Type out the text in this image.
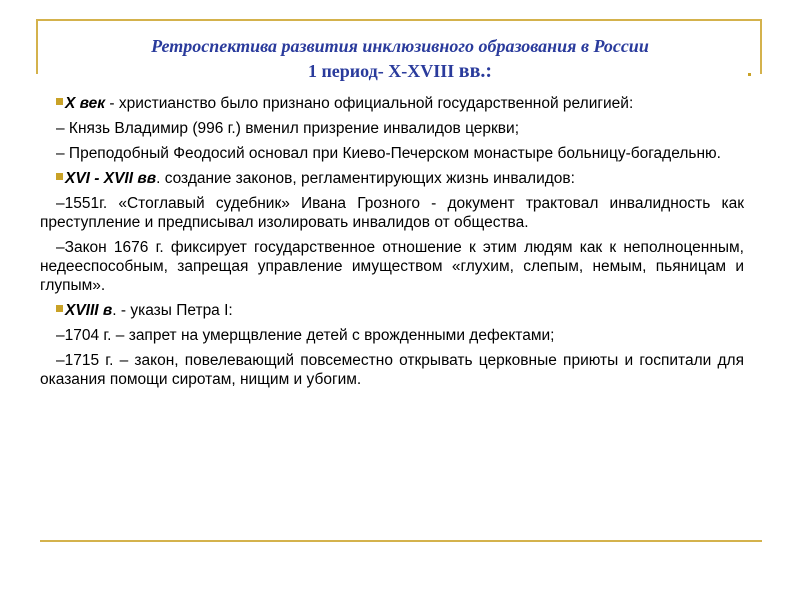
Ретроспектива развития инклюзивного образования в России
1 период- X-XVIII вв.:
X век - христианство было признано официальной государственной религией:
– Князь Владимир (996 г.) вменил призрение инвалидов церкви;
– Преподобный Феодосий основал при Киево-Печерском монастыре больницу-богадельню.
XVI - XVII вв. создание законов, регламентирующих жизнь инвалидов:
–1551г. «Стоглавый судебник» Ивана Грозного - документ трактовал инвалидность как преступление и предписывал изолировать инвалидов от общества.
–Закон 1676 г. фиксирует государственное отношение к этим людям как к неполноценным, недееспособным, запрещая управление имуществом «глухим, слепым, немым, пьяницам и глупым».
XVIII в. - указы Петра I:
–1704 г. – запрет на умерщвление детей с врожденными дефектами;
–1715 г. – закон, повелевающий повсеместно открывать церковные приюты и госпитали для оказания помощи сиротам, нищим и убогим.
